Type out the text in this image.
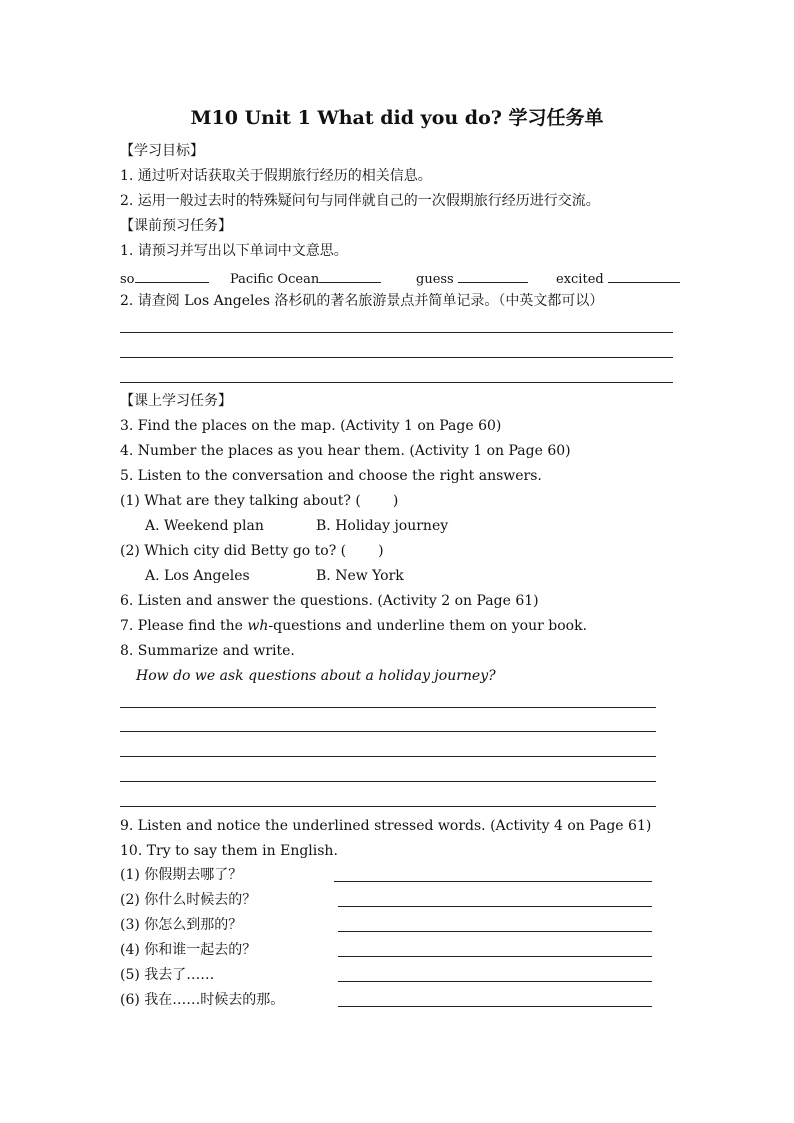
M10 Unit 1 What did you do? 学习任务单
【学习目标】
1. 通过听对话获取关于假期旅行经历的相关信息。
2. 运用一般过去时的特殊疑问句与同伴就自己的一次假期旅行经历进行交流。
【课前预习任务】
1. 请预习并写出以下单词中文意思。
so	Pacific Ocean	guess	excited
2. 请查阅 Los Angeles 洛杉矶的著名旅游景点并简单记录。（中英文都可以）
【课上学习任务】
3. Find the places on the map. (Activity 1 on Page 60)
4. Number the places as you hear them. (Activity 1 on Page 60)
5. Listen to the conversation and choose the right answers.
(1) What are they talking about? ( )
A. Weekend plan	B. Holiday journey
(2) Which city did Betty go to? ( )
A. Los Angeles	B. New York
6. Listen and answer the questions. (Activity 2 on Page 61)
7. Please find the wh-questions and underline them on your book.
8. Summarize and write.
How do we ask questions about a holiday journey?
9. Listen and notice the underlined stressed words. (Activity 4 on Page 61)
10. Try to say them in English.
(1) 你假期去哪了？
(2) 你什么时候去的？
(3) 你怎么到那的？
(4) 你和谁一起去的？
(5) 我去了……
(6) 我在……时候去的那。
